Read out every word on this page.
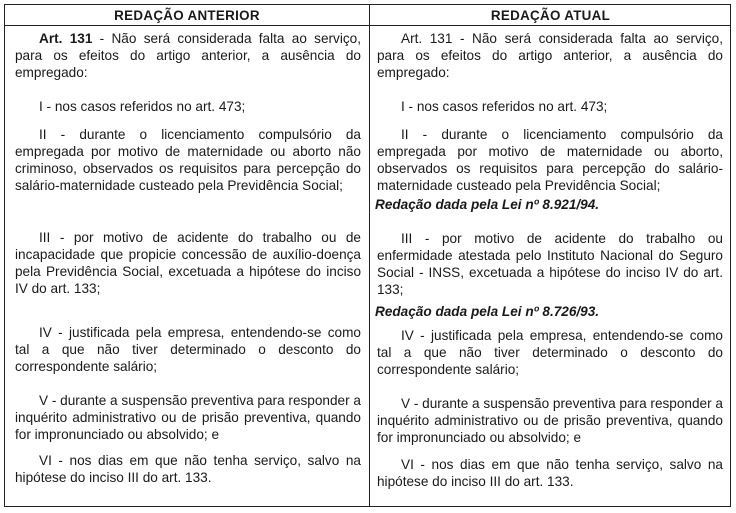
REDAÇÃO ANTERIOR	REDAÇÃO ATUAL

Art. 131 - Não será considerada falta ao serviço, para os efeitos do artigo anterior, a ausência do empregado:

I - nos casos referidos no art. 473;

II - durante o licenciamento compulsório da empregada por motivo de maternidade ou aborto não criminoso, observados os requisitos para percepção do salário-maternidade custeado pela Previdência Social;

III - por motivo de acidente do trabalho ou de incapacidade que propicie concessão de auxílio-doença pela Previdência Social, excetuada a hipótese do inciso IV do art. 133;

IV - justificada pela empresa, entendendo-se como tal a que não tiver determinado o desconto do correspondente salário;

V - durante a suspensão preventiva para responder a inquérito administrativo ou de prisão preventiva, quando for impronunciado ou absolvido; e

VI - nos dias em que não tenha serviço, salvo na hipótese do inciso III do art. 133.

Art. 131 - Não será considerada falta ao serviço, para os efeitos do artigo anterior, a ausência do empregado:

I - nos casos referidos no art. 473;

II - durante o licenciamento compulsório da empregada por motivo de maternidade ou aborto, observados os requisitos para percepção do salário-maternidade custeado pela Previdência Social;

Redação dada pela Lei nº 8.921/94.

III - por motivo de acidente do trabalho ou enfermidade atestada pelo Instituto Nacional do Seguro Social - INSS, excetuada a hipótese do inciso IV do art. 133;

Redação dada pela Lei nº 8.726/93.

IV - justificada pela empresa, entendendo-se como tal a que não tiver determinado o desconto do correspondente salário;

V - durante a suspensão preventiva para responder a inquérito administrativo ou de prisão preventiva, quando for impronunciado ou absolvido; e

VI - nos dias em que não tenha serviço, salvo na hipótese do inciso III do art. 133.
